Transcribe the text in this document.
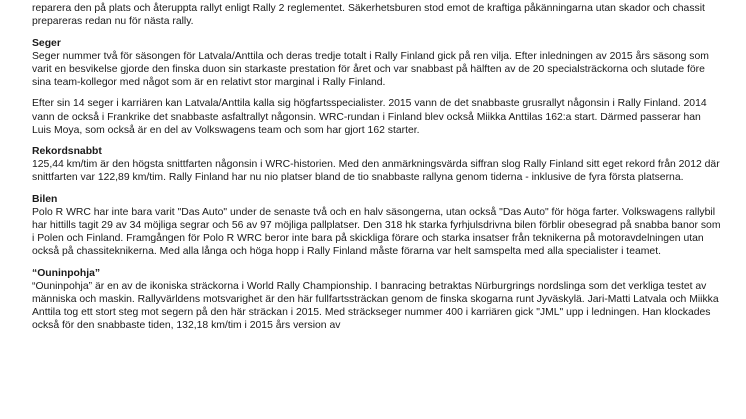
reparera den på plats och återuppta rallyt enligt Rally 2 reglementet. Säkerhetsburen stod emot de kraftiga påkänningarna utan skador och chassit prepareras redan nu för nästa rally.

Seger

Seger nummer två för säsongen för Latvala/Anttila och deras tredje totalt i Rally Finland gick på ren vilja. Efter inledningen av 2015 års säsong som varit en besvikelse gjorde den finska duon sin starkaste prestation för året och var snabbast på hälften av de 20 specialsträckorna och slutade före sina team-kollegor med något som är en relativt stor marginal i Rally Finland.

Efter sin 14 seger i karriären kan Latvala/Anttila kalla sig högfartsspecialister. 2015 vann de det snabbaste grusrallyt någonsin i Rally Finland. 2014 vann de också i Frankrike det snabbaste asfaltrallyt någonsin. WRC-rundan i Finland blev också Miikka Anttilas 162:a start. Därmed passerar han Luis Moya, som också är en del av Volkswagens team och som har gjort 162 starter.

Rekordsnabbt

125,44 km/tim är den högsta snittfarten någonsin i WRC-historien. Med den anmärkningsvärda siffran slog Rally Finland sitt eget rekord från 2012 där snittfarten var 122,89 km/tim. Rally Finland har nu nio platser bland de tio snabbaste rallyna genom tiderna - inklusive de fyra första platserna.

Bilen

Polo R WRC har inte bara varit "Das Auto" under de senaste två och en halv säsongerna, utan också "Das Auto" för höga farter. Volkswagens rallybil har hittills tagit 29 av 34 möjliga segrar och 56 av 97 möjliga pallplatser. Den 318 hk starka fyrhjulsdrivna bilen förblir obesegrad på snabba banor som i Polen och Finland. Framgången för Polo R WRC beror inte bara på skickliga förare och starka insatser från teknikerna på motoravdelningen utan också på chassiteknikerna. Med alla långa och höga hopp i Rally Finland måste förarna var helt samspelta med alla specialister i teamet.

“Ouninpohja”

“Ouninpohja” är en av de ikoniska sträckorna i World Rally Championship. I banracing betraktas Nürburgrings nordslinga som det verkliga testet av människa och maskin. Rallyvärldens motsvarighet är den här fullfartssträckan genom de finska skogarna runt Jyväskylä. Jari-Matti Latvala och Miikka Anttila tog ett stort steg mot segern på den här sträckan i 2015. Med sträckseger nummer 400 i karriären gick "JML" upp i ledningen. Han klockades också för den snabbaste tiden, 132,18 km/tim i 2015 års version av
